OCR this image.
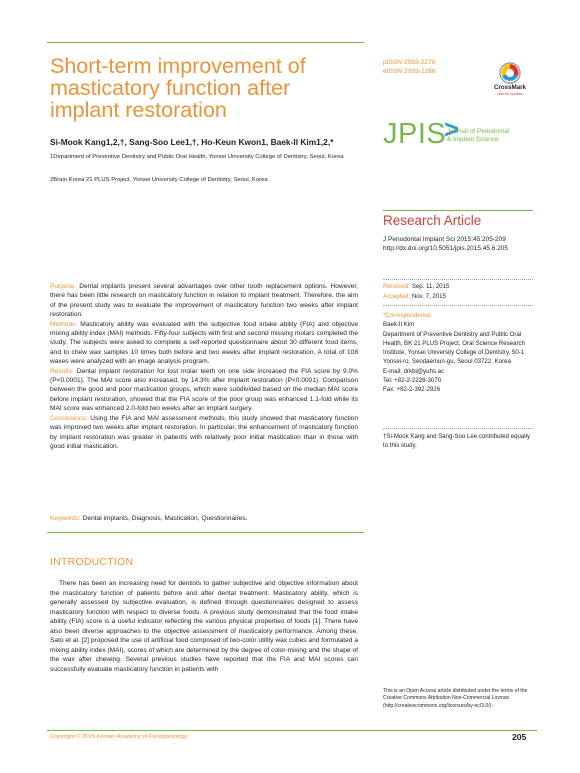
Short-term improvement of masticatory function after implant restoration
Si-Mook Kang1,2,†, Sang-Soo Lee1,†, Ho-Keun Kwon1, Baek-Il Kim1,2,*
1Department of Preventive Dentistry and Public Oral Health, Yonsei University College of Dentistry, Seoul, Korea
2Brain Korea 21 PLUS Project, Yonsei University College of Dentistry, Seoul, Korea
pISSN 2093-2278
eISSN 2093-2286
CrossMark
click for updates
JPIS
>
Journal of Periodontal
& Implant Science
Research Article
J Periodontal Implant Sci 2015;45:205-209
http://dx.doi.org/10.5051/jpis.2015.45.6.205

Purpose: Dental implants present several advantages over other tooth replacement options. However, there has been little research on masticatory function in relation to implant treatment. Therefore, the aim of the present study was to evaluate the improvement of masticatory function two weeks after implant restoration.

Methods: Masticatory ability was evaluated with the subjective food intake ability (FIA) and objective mixing ability index (MAI) methods. Fifty-four subjects with first and second missing molars completed the study. The subjects were asked to complete a self-reported questionnaire about 30 different food items, and to chew wax samples 10 times both before and two weeks after implant restoration. A total of 108 waxes were analyzed with an image analysis program.

Results: Dental implant restoration for lost molar teeth on one side increased the FIA score by 9.0% (P<0.0001). The MAI score also increased, by 14.3% after implant restoration (P<0.0001). Comparison between the good and poor mastication groups, which were subdivided based on the median MAI score before implant restoration, showed that the FIA score of the poor group was enhanced 1.1-fold while its MAI score was enhanced 2.0-fold two weeks after an implant surgery.

Conclusions: Using the FIA and MAI assessment methods, this study showed that masticatory function was improved two weeks after implant restoration. In particular, the enhancement of masticatory function by implant restoration was greater in patients with relatively poor initial mastication than in those with good initial mastication.

Keywords: Dental implants, Diagnosis, Mastication, Questionnaires.
Received: Sep. 11, 2015
Accepted: Nov. 7, 2015
*Correspondence:
Baek-Il Kim
Department of Preventive Dentistry and Public Oral Health, BK 21 PLUS Project, Oral Science Research Institute, Yonsei University College of Dentistry, 50-1 Yonsei-ro, Seodaemun-gu, Seoul 03722, Korea
E-mail: drkbi@yuhs.ac
Tel: +82-2-2228-3070
Fax: +82-2-392-2926
†Si-Mook Kang and Sang-Soo Lee contributed equally to this study.
INTRODUCTION
There has been an increasing need for dentists to gather subjective and objective information about the masticatory function of patients before and after dental treatment. Masticatory ability, which is generally assessed by subjective evaluation, is defined through questionnaires designed to assess masticatory function with respect to diverse foods. A previous study demonstrated that the food intake ability (FIA) score is a useful indicator reflecting the various physical properties of foods [1]. There have also been diverse approaches to the objective assessment of masticatory performance. Among these, Sato et al. [2] proposed the use of artificial food composed of two-color utility wax cubes and formulated a mixing ability index (MAI), scores of which are determined by the degree of color-mixing and the shape of the wax after chewing. Several previous studies have reported that the FIA and MAI scores can successfully evaluate masticatory function in patients with
This is an Open Access article distributed under the terms of the Creative Commons Attribution Non-Commercial License (http://creativecommons.org/licenses/by-nc/3.0/).
Copyright © 2015 Korean Academy of Periodontology	205
